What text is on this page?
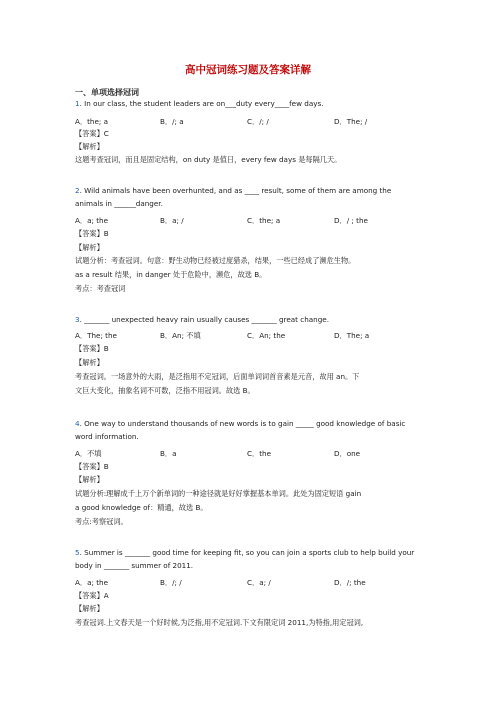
高中冠词练习题及答案详解
一、单项选择冠词
1. In our class, the student leaders are on___duty every____few days.
A．the; a	B．/; a	C．/; /	D．The; /
【答案】C
【解析】
这题考查冠词，而且是固定结构，on duty 是值日，every few days 是每隔几天。
2. Wild animals have been overhunted, and as ____ result, some of them are among the
animals in ______danger.
A．a; the	B．a; /	C．the; a	D．/ ; the
【答案】B
【解析】
试题分析：考查冠词。句意：野生动物已经被过度猎杀，结果，一些已经成了濒危生物。
as a result 结果，in danger 处于危险中，濒危，故选 B。
考点：考查冠词
3. _______ unexpected heavy rain usually causes _______ great change.
A．The; the	B．An; 不填	C．An; the	D．The; a
【答案】B
【解析】
考查冠词。一场意外的大雨，是泛指用不定冠词，后面单词词首音素是元音，故用 an。下
文巨大变化，抽象名词不可数，泛指不用冠词。故选 B。
4. One way to understand thousands of new words is to gain _____ good knowledge of basic
word information.
A．不填	B．a	C．the	D．one
【答案】B
【解析】
试题分析:理解成千上万个新单词的一种途径就是好好掌握基本单词。此处为固定短语 gain
a good knowledge of：精通，故选 B。
考点:考察冠词。
5. Summer is _______ good time for keeping fit, so you can join a sports club to help build your
body in _______ summer of 2011.
A．a; the	B．/; /	C．a; /	D．/; the
【答案】A
【解析】
考查冠词.上文春天是一个好时候,为泛指,用不定冠词.下文有限定词 2011,为特指,用定冠词,
